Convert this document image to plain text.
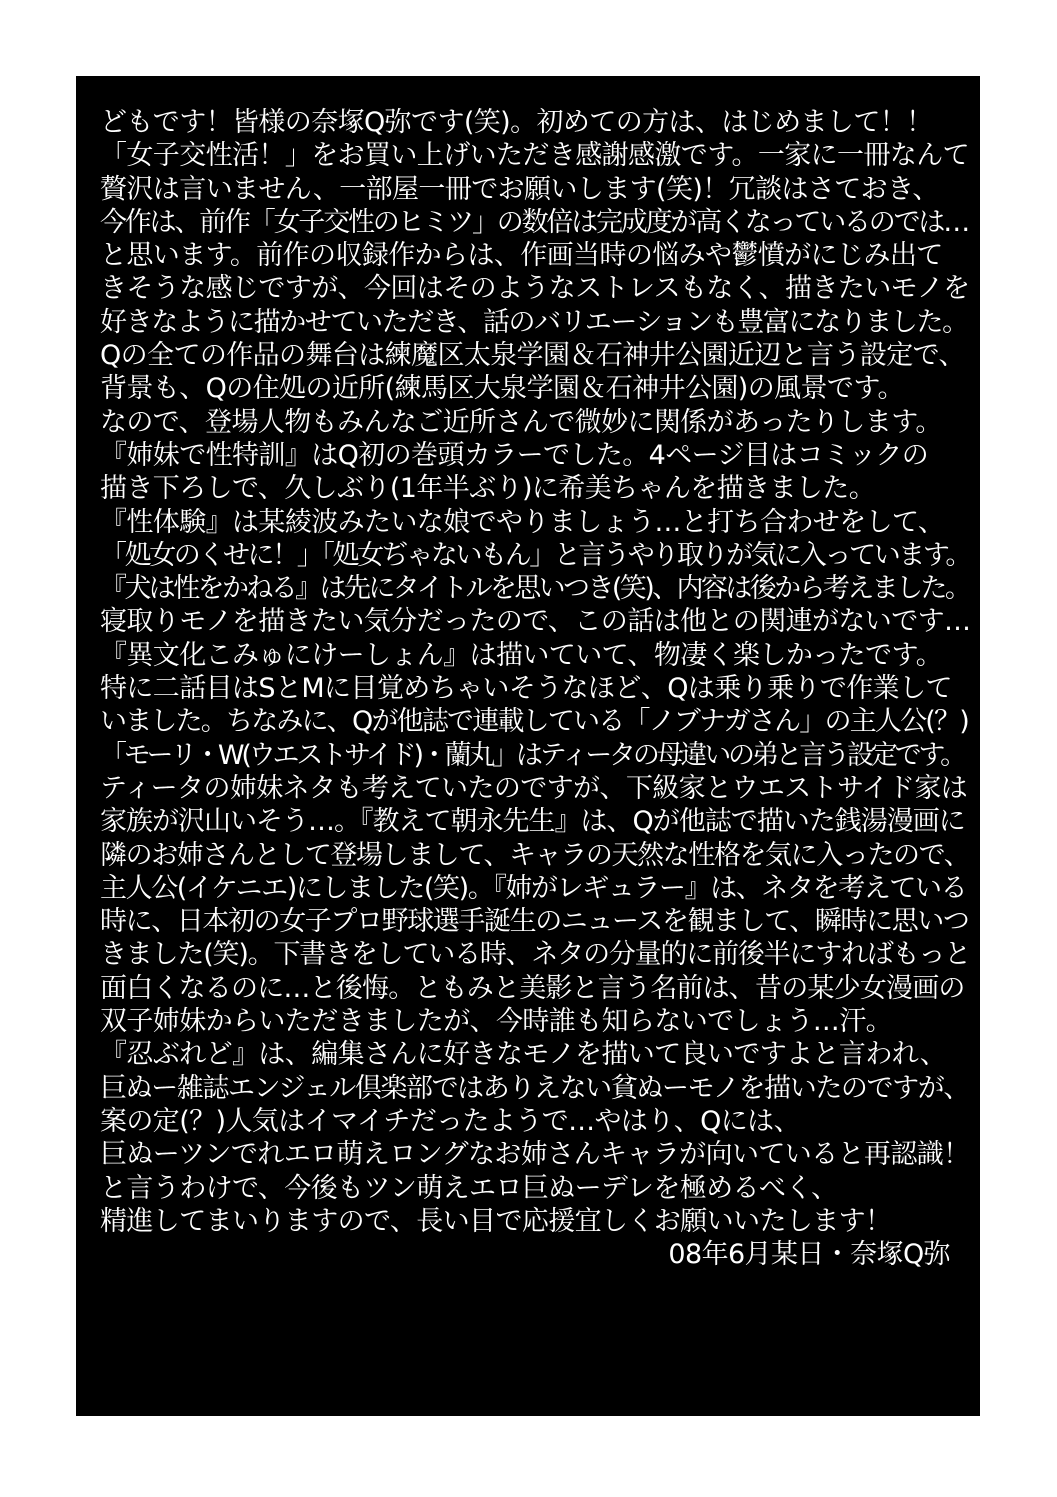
どもです！皆様の奈塚Q弥です(笑)。初めての方は、はじめまして！！
「女子交性活！」をお買い上げいただき感謝感激です。一家に一冊なんて
贅沢は言いません、一部屋一冊でお願いします(笑)！冗談はさておき、
今作は、前作「女子交性のヒミツ」の数倍は完成度が高くなっているのでは…
と思います。前作の収録作からは、作画当時の悩みや鬱憤がにじみ出て
きそうな感じですが、今回はそのようなストレスもなく、描きたいモノを
好きなように描かせていただき、話のバリエーションも豊富になりました。
Qの全ての作品の舞台は練魔区太泉学園＆石神井公園近辺と言う設定で、
背景も、Qの住処の近所(練馬区大泉学園＆石神井公園)の風景です。
なので、登場人物もみんなご近所さんで微妙に関係があったりします。
『姉妹で性特訓』はQ初の巻頭カラーでした。4ページ目はコミックの
描き下ろしで、久しぶり(1年半ぶり)に希美ちゃんを描きました。
『性体験』は某綾波みたいな娘でやりましょう…と打ち合わせをして、
「処女のくせに！」「処女ぢゃないもん」と言うやり取りが気に入っています。
『犬は性をかねる』は先にタイトルを思いつき(笑)、内容は後から考えました。
寝取りモノを描きたい気分だったので、この話は他との関連がないです…
『異文化こみゅにけーしょん』は描いていて、物凄く楽しかったです。
特に二話目はSとMに目覚めちゃいそうなほど、Qは乗り乗りで作業して
いました。ちなみに、Qが他誌で連載している「ノブナガさん」の主人公(？)
「モーリ・W(ウエストサイド)・蘭丸」はティータの母違いの弟と言う設定です。
ティータの姉妹ネタも考えていたのですが、下級家とウエストサイド家は
家族が沢山いそう…。『教えて朝永先生』は、Qが他誌で描いた銭湯漫画に
隣のお姉さんとして登場しまして、キャラの天然な性格を気に入ったので、
主人公(イケニエ)にしました(笑)。『姉がレギュラー』は、ネタを考えている
時に、日本初の女子プロ野球選手誕生のニュースを観まして、瞬時に思いつ
きました(笑)。下書きをしている時、ネタの分量的に前後半にすればもっと
面白くなるのに…と後悔。ともみと美影と言う名前は、昔の某少女漫画の
双子姉妹からいただきましたが、今時誰も知らないでしょう…汗。
『忍ぶれど』は、編集さんに好きなモノを描いて良いですよと言われ、
巨ぬー雑誌エンジェル倶楽部ではありえない貧ぬーモノを描いたのですが、
案の定(？)人気はイマイチだったようで…やはり、Qには、
巨ぬーツンでれエロ萌えロングなお姉さんキャラが向いていると再認識！
と言うわけで、今後もツン萌えエロ巨ぬーデレを極めるべく、
精進してまいりますので、長い目で応援宜しくお願いいたします！
08年6月某日・奈塚Q弥
